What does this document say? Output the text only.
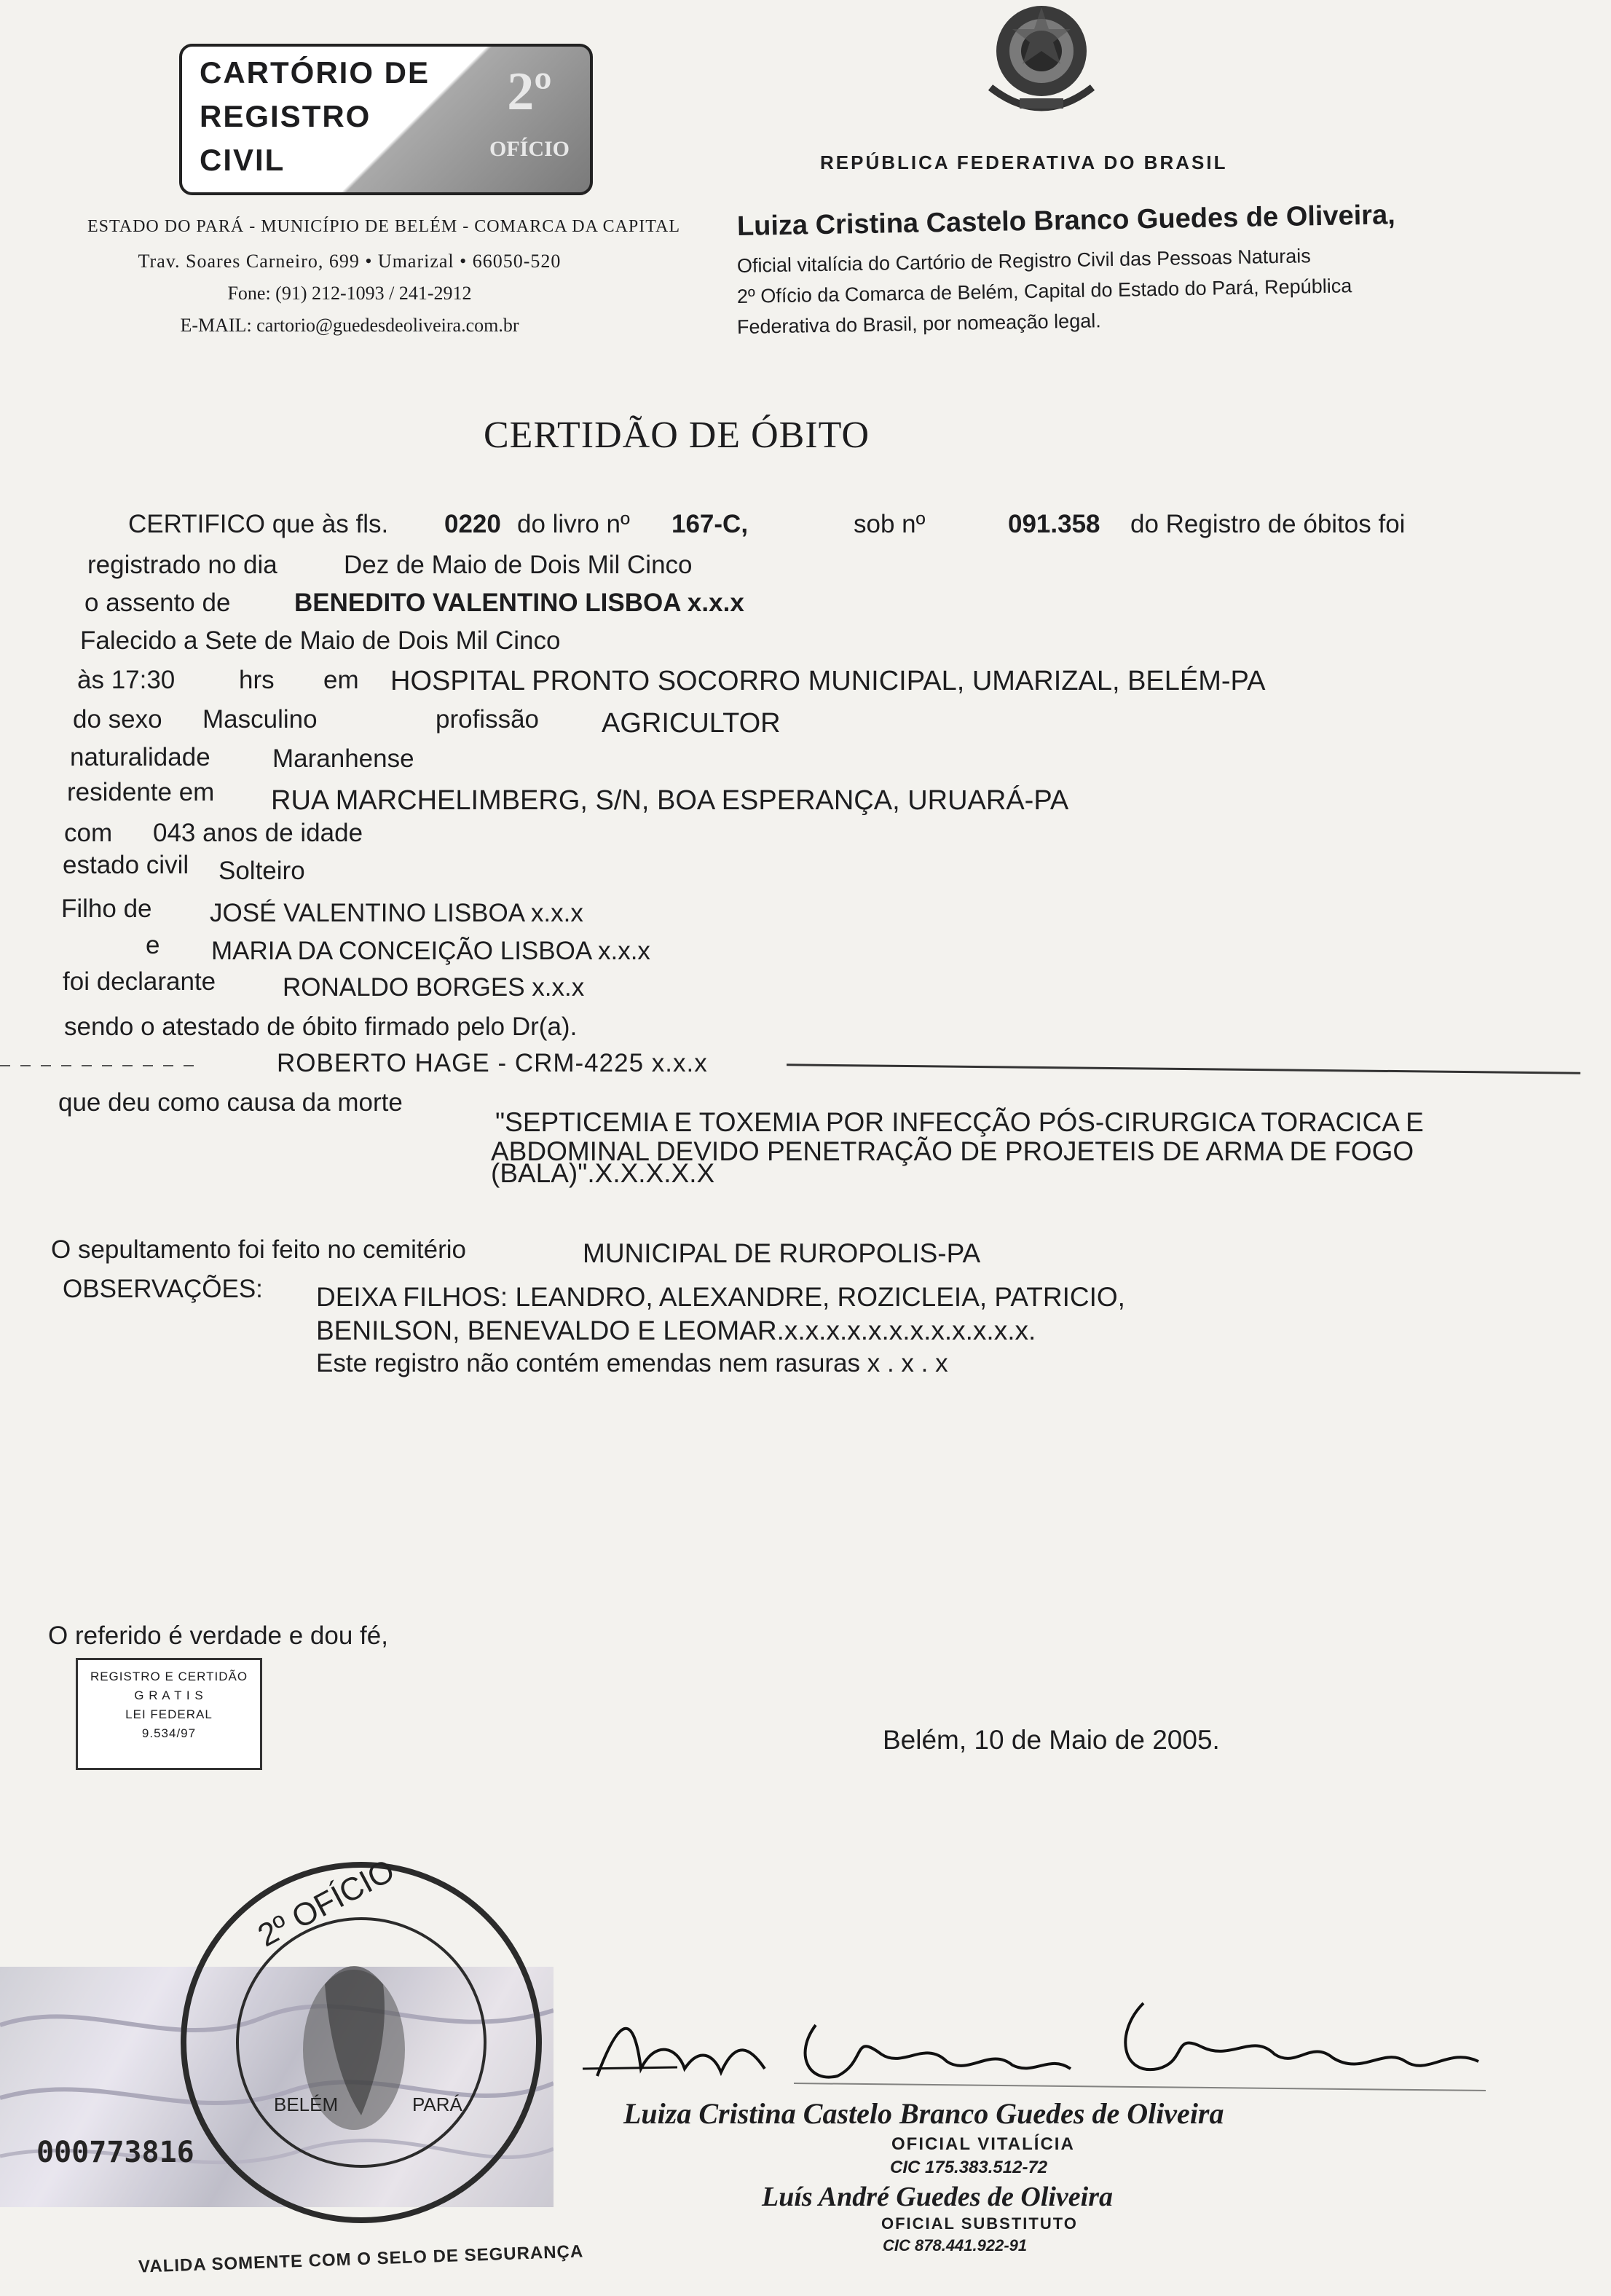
CARTÓRIO DE
REGISTRO
CIVIL
2º
OFÍCIO
ESTADO DO PARÁ - MUNICÍPIO DE BELÉM - COMARCA DA CAPITAL
Trav. Soares Carneiro, 699 • Umarizal • 66050-520
Fone: (91) 212-1093 / 241-2912
E-MAIL: cartorio@guedesdeoliveira.com.br
REPÚBLICA FEDERATIVA DO BRASIL
Luiza Cristina Castelo Branco Guedes de Oliveira,
Oficial vitalícia do Cartório de Registro Civil das Pessoas Naturais
2º Ofício da Comarca de Belém, Capital do Estado do Pará, República
Federativa do Brasil, por nomeação legal.
CERTIDÃO DE ÓBITO
CERTIFICO que às fls. 0220 do livro nº 167-C,	sob nº	091.358 do Registro de óbitos foi
registrado no dia	Dez de Maio de Dois Mil Cinco
o assento de	BENEDITO VALENTINO LISBOA x.x.x
Falecido a Sete de Maio de Dois Mil Cinco
às 17:30	hrs em HOSPITAL PRONTO SOCORRO MUNICIPAL, UMARIZAL, BELÉM-PA
do sexo Masculino	profissão AGRICULTOR
naturalidade Maranhense
residente em RUA MARCHELIMBERG, S/N, BOA ESPERANÇA, URUARÁ-PA
com 043 anos de idade
estado civil Solteiro
Filho de JOSÉ VALENTINO LISBOA x.x.x
e MARIA DA CONCEIÇÃO LISBOA x.x.x
foi declarante	RONALDO BORGES x.x.x
sendo o atestado de óbito firmado pelo Dr(a).
ROBERTO HAGE - CRM-4225 x.x.x
que deu como causa da morte
"SEPTICEMIA E TOXEMIA POR INFECÇÃO PÓS-CIRURGICA TORACICA E
ABDOMINAL DEVIDO PENETRAÇÃO DE PROJETEIS DE ARMA DE FOGO
(BALA)".X.X.X.X.X
O sepultamento foi feito no cemitério	MUNICIPAL DE RUROPOLIS-PA
OBSERVAÇÕES: DEIXA FILHOS: LEANDRO, ALEXANDRE, ROZICLEIA, PATRICIO,
BENILSON, BENEVALDO E LEOMAR.x.x.x.x.x.x.x.x.x.x.x.x.
Este registro não contém emendas nem rasuras x . x . x
O referido é verdade e dou fé,
REGISTRO E CERTIDÃO
G R A T I S
LEI FEDERAL
9.534/97	Belém, 10 de Maio de 2005.
000773816
2º OFÍCIO
BELÉM	PARÁ
VALIDA SOMENTE COM O SELO DE SEGURANÇA
Luiza Cristina Castelo Branco Guedes de Oliveira
OFICIAL VITALÍCIA
CIC 175.383.512-72
Luís André Guedes de Oliveira
OFICIAL SUBSTITUTO
CIC 878.441.922-91
